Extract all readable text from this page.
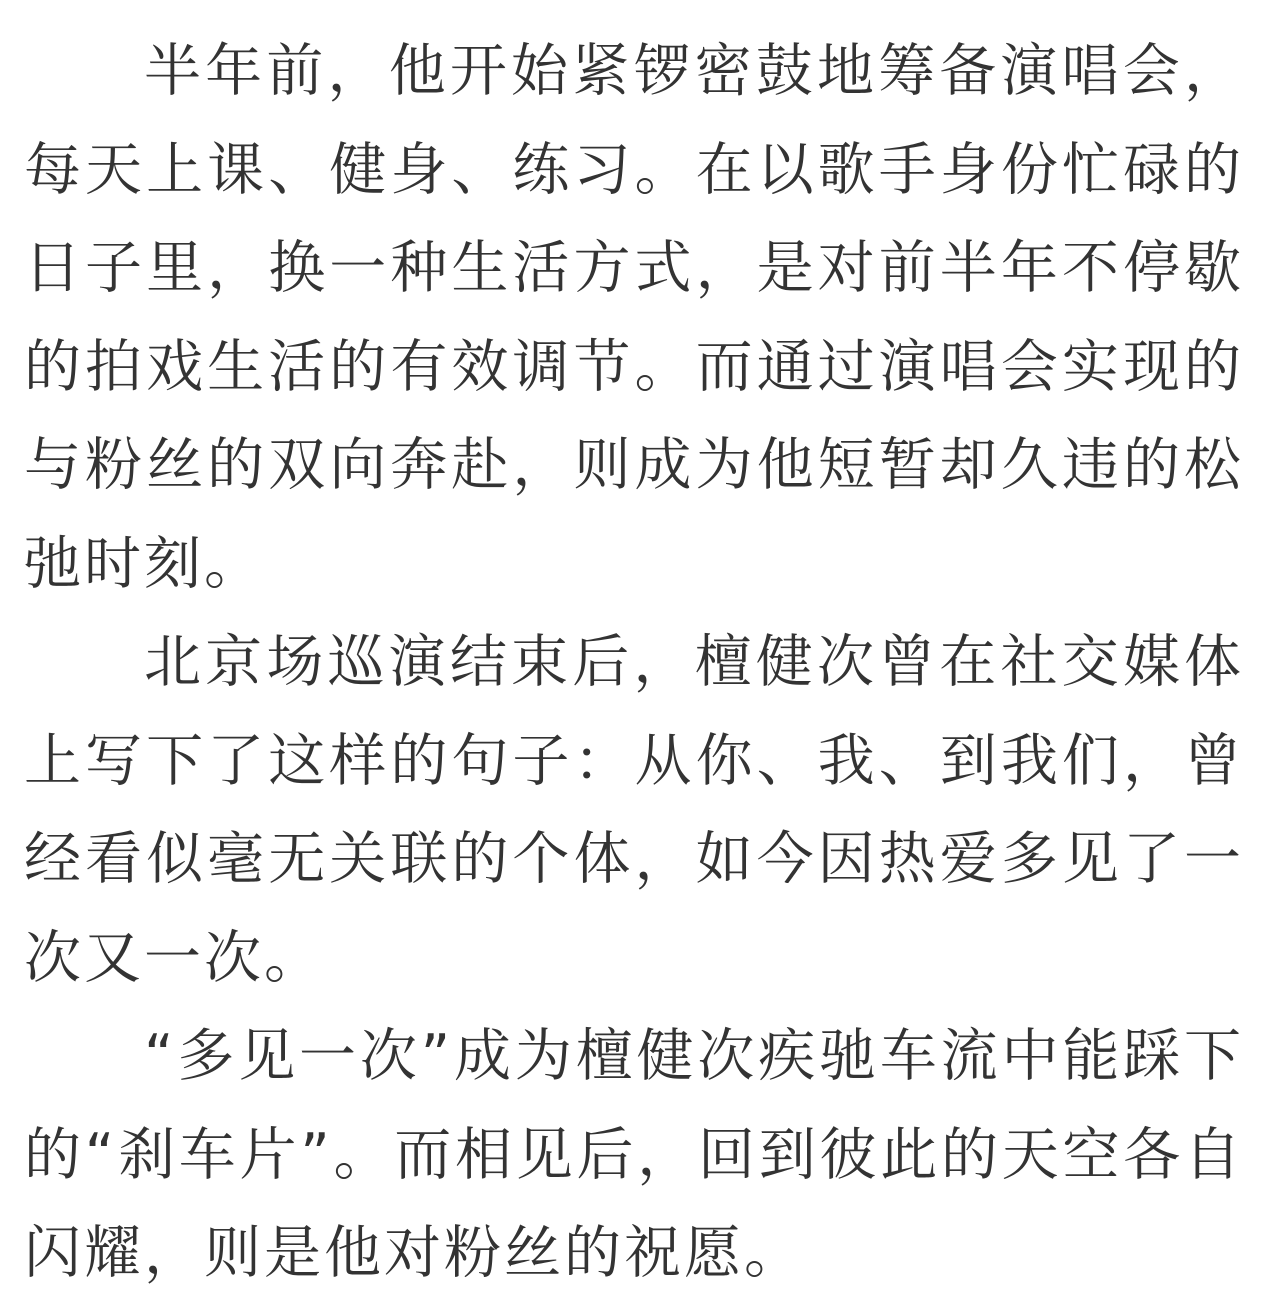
半年前，他开始紧锣密鼓地筹备演唱会，每天上课、健身、练习。在以歌手身份忙碌的日子里，换一种生活方式，是对前半年不停歇的拍戏生活的有效调节。而通过演唱会实现的与粉丝的双向奔赴，则成为他短暂却久违的松弛时刻。

北京场巡演结束后，檀健次曾在社交媒体上写下了这样的句子：从你、我、到我们，曾经看似毫无关联的个体，如今因热爱多见了一次又一次。

“多见一次”成为檀健次疾驰车流中能踩下的“刹车片”。而相见后，回到彼此的天空各自闪耀，则是他对粉丝的祝愿。
